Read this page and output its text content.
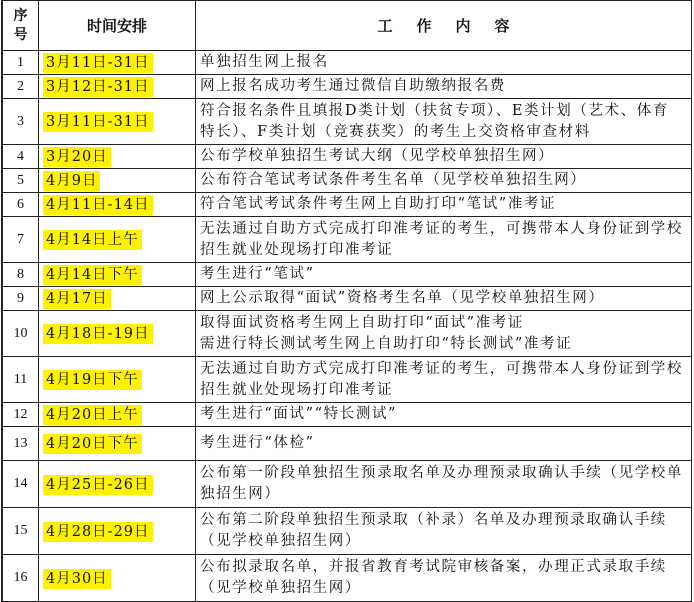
序
号	时间安排	工作内容
1	3月11日-31日	单独招生网上报名
2	3月12日-31日	网上报名成功考生通过微信自助缴纳报名费
3	3月11日-31日	符合报名条件且填报D类计划（扶贫专项）、E类计划（艺术、体育特长）、F类计划（竞赛获奖）的考生上交资格审查材料
4	3月20日	公布学校单独招生考试大纲（见学校单独招生网）
5	4月9日	公布符合笔试考试条件考生名单（见学校单独招生网）
6	4月11日-14日	符合笔试考试条件考生网上自助打印“笔试”准考证
7	4月14日上午	无法通过自助方式完成打印准考证的考生，可携带本人身份证到学校招生就业处现场打印准考证
8	4月14日下午	考生进行“笔试”
9	4月17日	网上公示取得“面试”资格考生名单（见学校单独招生网）
10	4月18日-19日	取得面试资格考生网上自助打印“面试”准考证
需进行特长测试考生网上自助打印“特长测试”准考证
11	4月19日下午	无法通过自助方式完成打印准考证的考生，可携带本人身份证到学校招生就业处现场打印准考证
12	4月20日上午	考生进行“面试”“特长测试”
13	4月20日下午	考生进行“体检”
14	4月25日-26日	公布第一阶段单独招生预录取名单及办理预录取确认手续（见学校单独招生网）
15	4月28日-29日	公布第二阶段单独招生预录取（补录）名单及办理预录取确认手续（见学校单独招生网）
16	4月30日	公布拟录取名单，并报省教育考试院审核备案，办理正式录取手续（见学校单独招生网）
